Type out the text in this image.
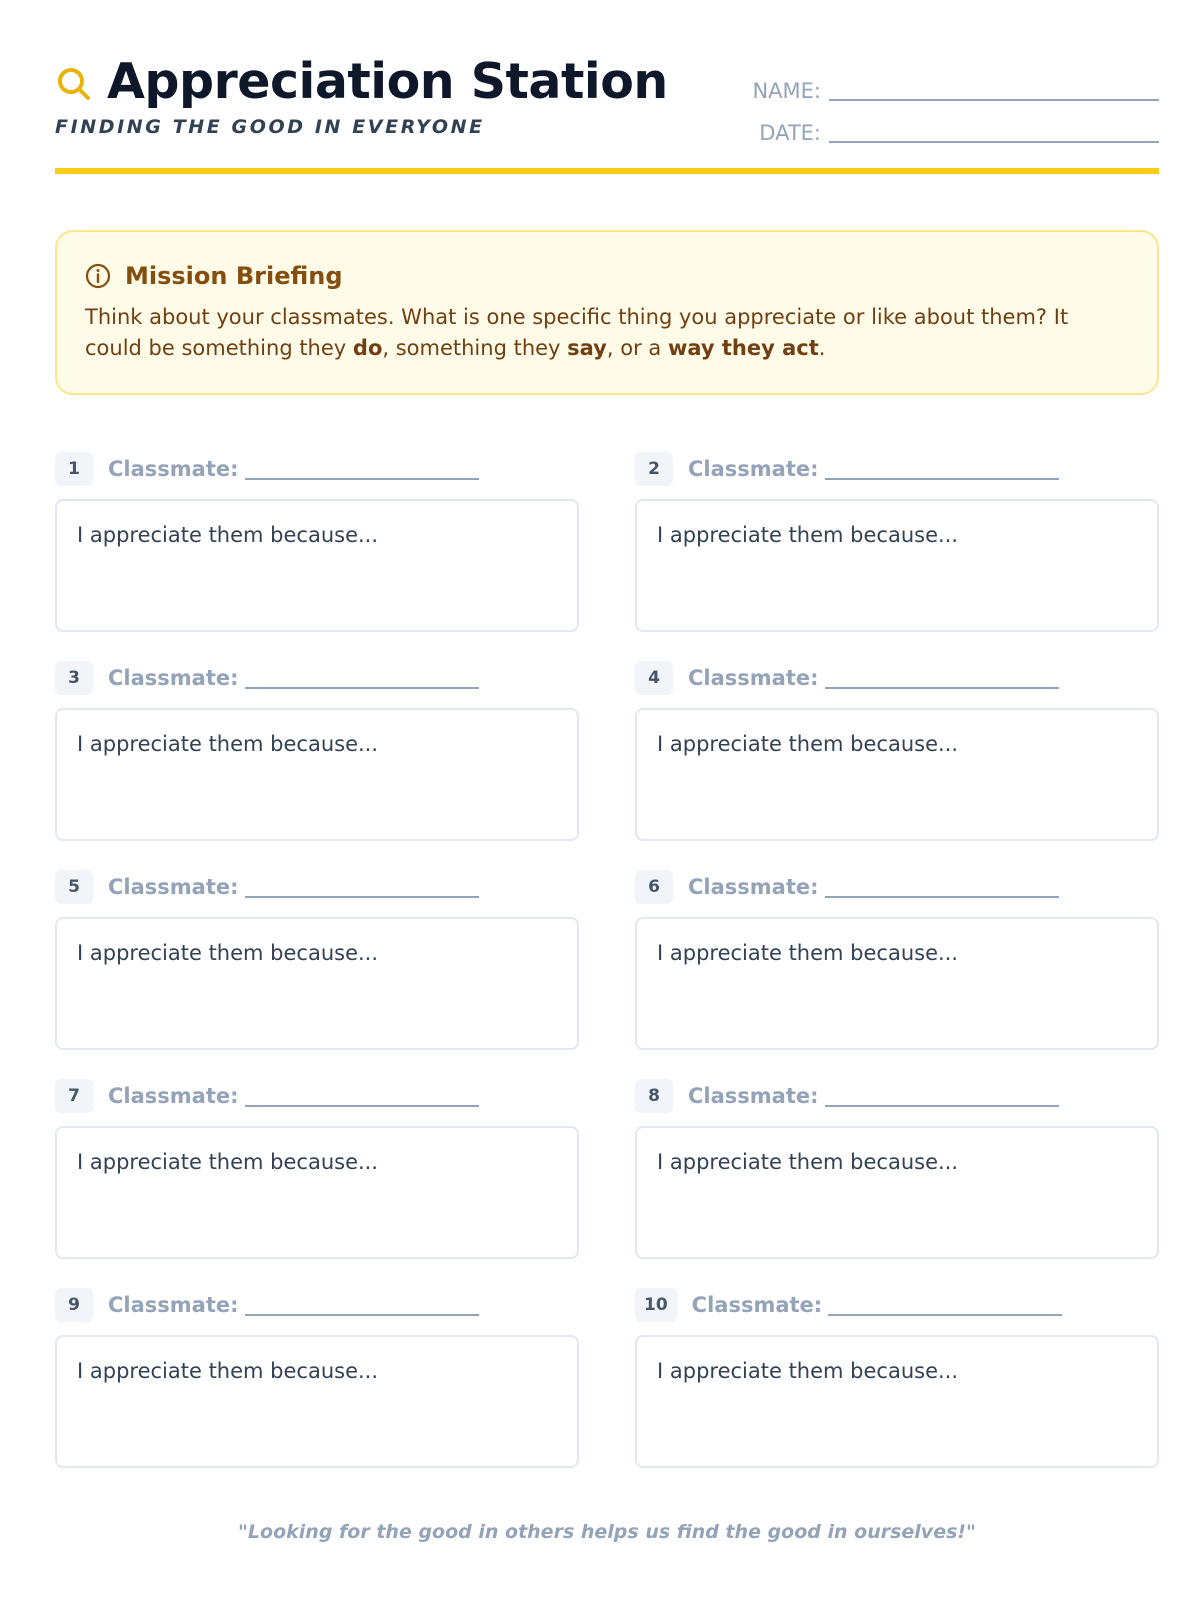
Appreciation Station
FINDING THE GOOD IN EVERYONE
NAME:
DATE:
Mission Briefing

Think about your classmates. What is one specific thing you appreciate or like about them? It could be something they do, something they say, or a way they act.

1	Classmate:
I appreciate them because...
2	Classmate:
I appreciate them because...
3	Classmate:
I appreciate them because...
4	Classmate:
I appreciate them because...
5	Classmate:
I appreciate them because...
6	Classmate:
I appreciate them because...
7	Classmate:
I appreciate them because...
8	Classmate:
I appreciate them because...
9	Classmate:
I appreciate them because...
10	Classmate:
I appreciate them because...
"Looking for the good in others helps us find the good in ourselves!"
